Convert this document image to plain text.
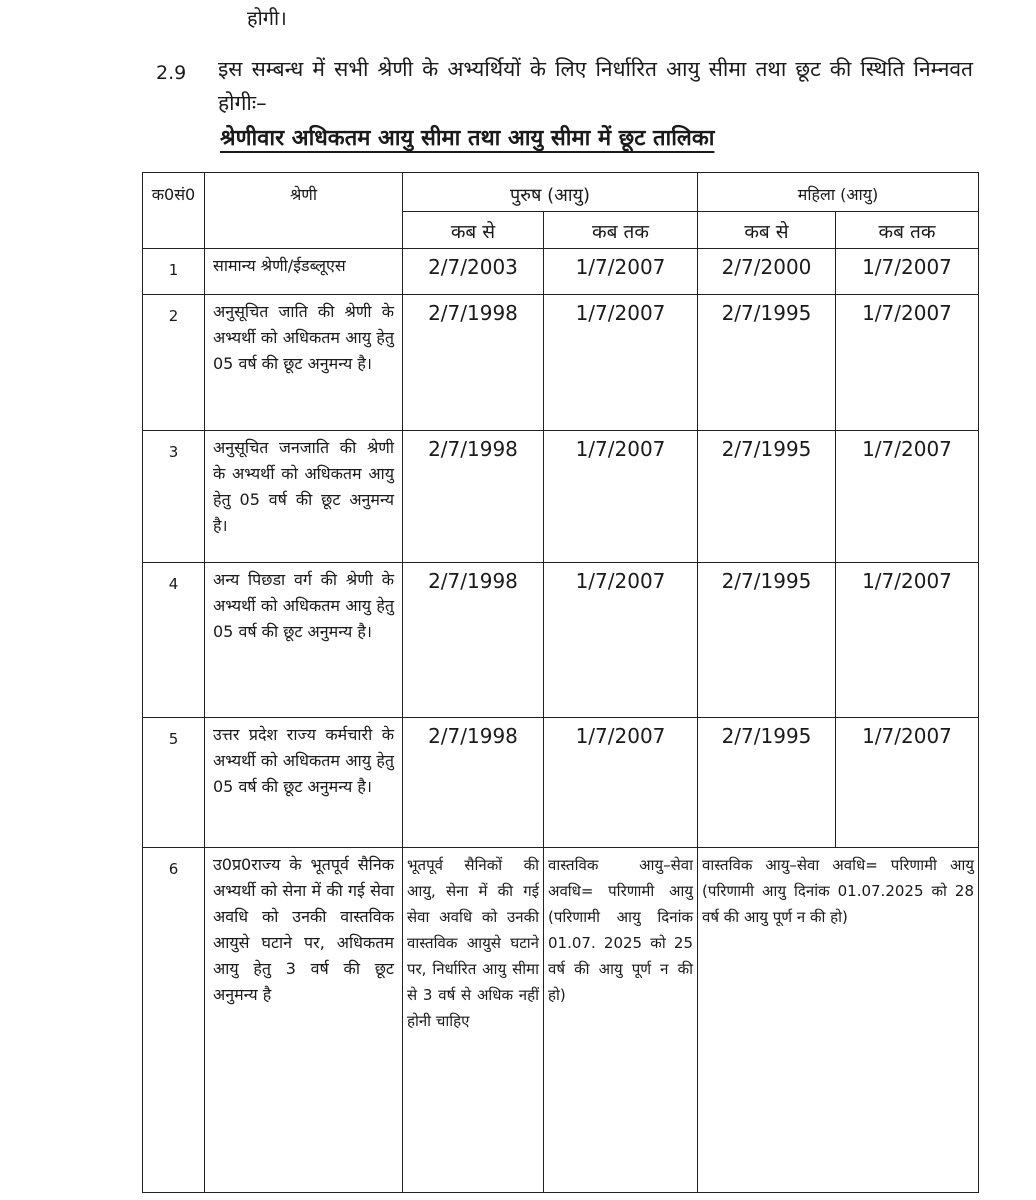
होगी।
2.9 इस सम्बन्ध में सभी श्रेणी के अभ्यर्थियों के लिए निर्धारित आयु सीमा तथा छूट की स्थिति निम्नवत होगीः–
श्रेणीवार अधिकतम आयु सीमा तथा आयु सीमा में छूट तालिका
क0सं0	श्रेणी	पुरुष (आयु)		महिला (आयु)	
		कब से	कब तक	कब से	कब तक
1	सामान्य श्रेणी/ईडब्लूएस	2/7/2003	1/7/2007	2/7/2000	1/7/2007
2	अनुसूचित जाति की श्रेणी के अभ्यर्थी को अधिकतम आयु हेतु 05 वर्ष की छूट अनुमन्य है।	2/7/1998	1/7/2007	2/7/1995	1/7/2007
3	अनुसूचित जनजाति की श्रेणी के अभ्यर्थी को अधिकतम आयु हेतु 05 वर्ष की छूट अनुमन्य है।	2/7/1998	1/7/2007	2/7/1995	1/7/2007
4	अन्य पिछडा वर्ग की श्रेणी के अभ्यर्थी को अधिकतम आयु हेतु 05 वर्ष की छूट अनुमन्य है।	2/7/1998	1/7/2007	2/7/1995	1/7/2007
5	उत्तर प्रदेश राज्य कर्मचारी के अभ्यर्थी को अधिकतम आयु हेतु 05 वर्ष की छूट अनुमन्य है।	2/7/1998	1/7/2007	2/7/1995	1/7/2007
6	उ0प्र0राज्य के भूतपूर्व सैनिक अभ्यर्थी को सेना में की गई सेवा अवधि को उनकी वास्तविक आयुसे घटाने पर, अधिकतम आयु हेतु 3 वर्ष की छूट अनुमन्य है	भूतपूर्व सैनिकों की आयु, सेना में की गई सेवा अवधि को उनकी वास्तविक आयुसे घटाने पर, निर्धारित आयु सीमा से 3 वर्ष से अधिक नहीं होनी चाहिए	वास्तविक आयु–सेवा अवधि= परिणामी आयु (परिणामी आयु दिनांक 01.07. 2025 को 25 वर्ष की आयु पूर्ण न की हो)	वास्तविक आयु–सेवा अवधि= परिणामी आयु (परिणामी आयु दिनांक 01.07.2025 को 28 वर्ष की आयु पूर्ण न की हो)	
